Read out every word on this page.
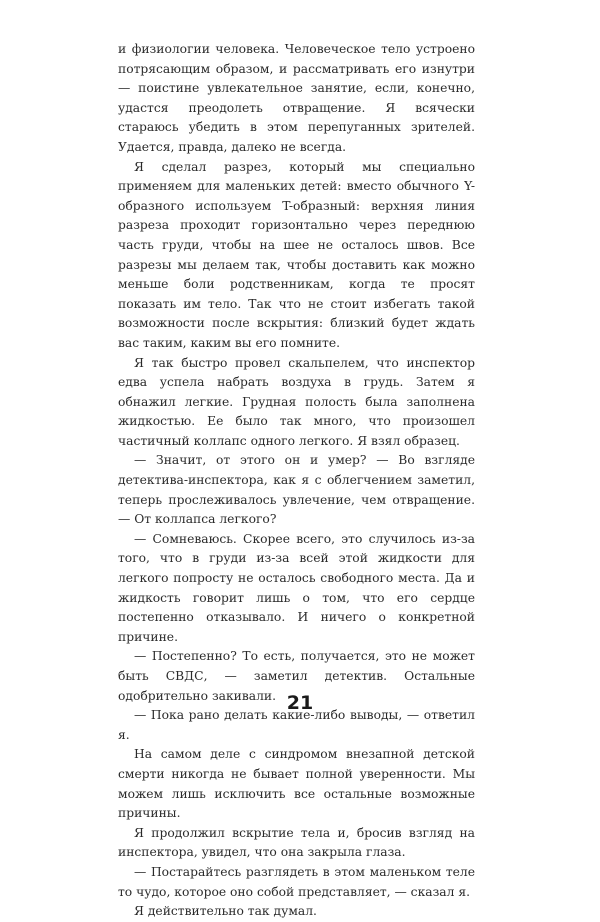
и физиологии человека. Человеческое тело устроено потрясающим образом, и рассматривать его изнутри — поистине увлекательное занятие, если, конечно, удастся преодолеть отвращение. Я всячески стараюсь убедить в этом перепуганных зрителей. Удается, правда, далеко не всегда.

Я сделал разрез, который мы специально применяем для маленьких детей: вместо обычного Y-образного используем T-образный: верхняя линия разреза проходит горизонтально через переднюю часть груди, чтобы на шее не осталось швов. Все разрезы мы делаем так, чтобы доставить как можно меньше боли родственникам, когда те просят показать им тело. Так что не стоит избегать такой возможности после вскрытия: близкий будет ждать вас таким, каким вы его помните.

Я так быстро провел скальпелем, что инспектор едва успела набрать воздуха в грудь. Затем я обнажил легкие. Грудная полость была заполнена жидкостью. Ее было так много, что произошел частичный коллапс одного легкого. Я взял образец.

— Значит, от этого он и умер? — Во взгляде детектива-инспектора, как я с облегчением заметил, теперь прослеживалось увлечение, чем отвращение. — От коллапса легкого?

— Сомневаюсь. Скорее всего, это случилось из-за того, что в груди из-за всей этой жидкости для легкого попросту не осталось свободного места. Да и жидкость говорит лишь о том, что его сердце постепенно отказывало. И ничего о конкретной причине.

— Постепенно? То есть, получается, это не может быть СВДС, — заметил детектив. Остальные одобрительно закивали.

— Пока рано делать какие-либо выводы, — ответил я.

На самом деле с синдромом внезапной детской смерти никогда не бывает полной уверенности. Мы можем лишь исключить все остальные возможные причины.

Я продолжил вскрытие тела и, бросив взгляд на инспектора, увидел, что она закрыла глаза.

— Постарайтесь разглядеть в этом маленьком теле то чудо, которое оно собой представляет, — сказал я.

Я действительно так думал.

21
